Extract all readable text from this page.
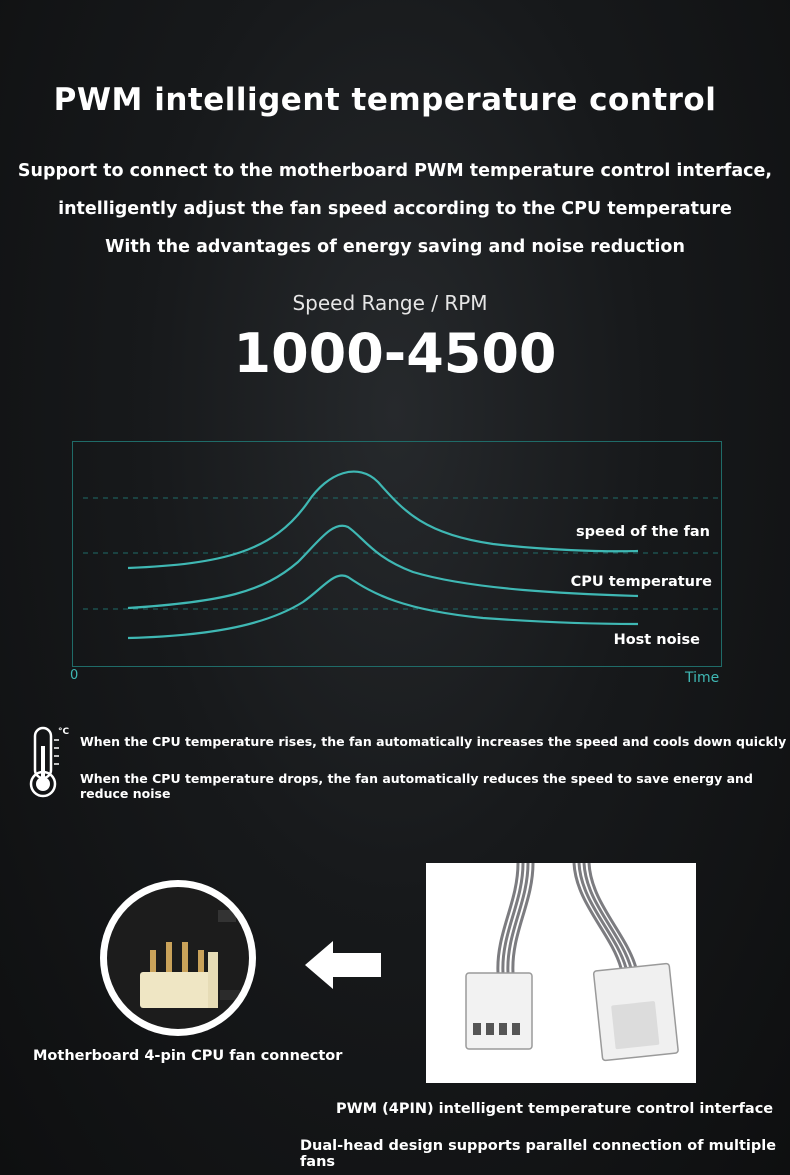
PWM intelligent temperature control
Support to connect to the motherboard PWM temperature control interface,
intelligently adjust the fan speed according to the CPU temperature
With the advantages of energy saving and noise reduction
Speed Range / RPM
1000-4500
speed of the fan
CPU temperature
Host noise
0	Time
°C
When the CPU temperature rises, the fan automatically increases the speed and cools down quickly
When the CPU temperature drops, the fan automatically reduces the speed to save energy and reduce noise
Motherboard 4-pin CPU fan connector
PWM (4PIN) intelligent temperature control interface
Dual-head design supports parallel connection of multiple fans
